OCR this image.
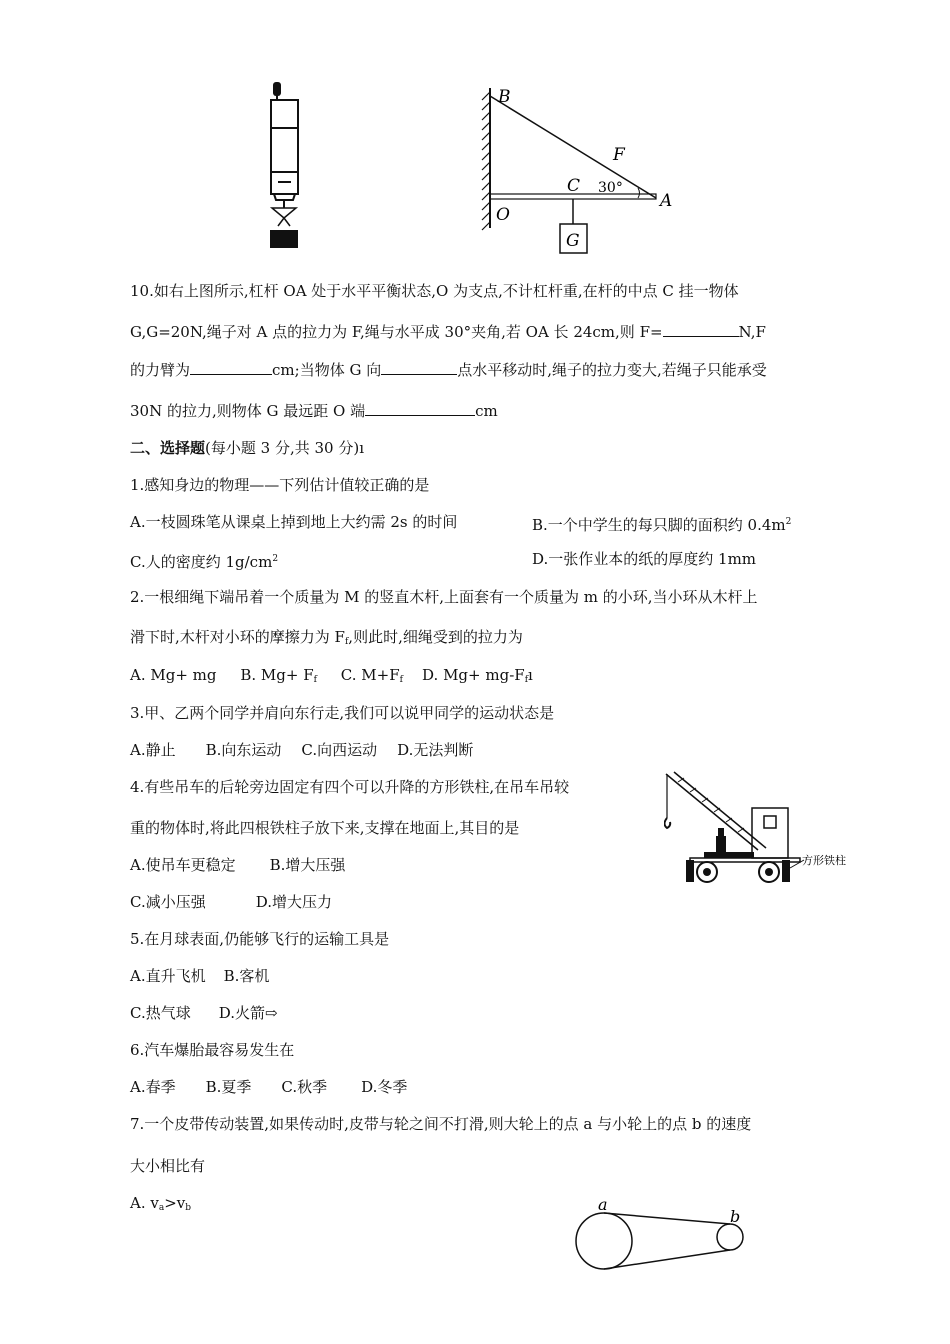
B
F
C 30°
A
O
G
10.如右上图所示,杠杆 OA 处于水平平衡状态,O 为支点,不计杠杆重,在杆的中点 C 挂一物体
G,G=20N,绳子对 A 点的拉力为 F,绳与水平成 30°夹角,若 OA 长 24cm,则 F=	N,F
的力臂为	cm;当物体 G 向	点水平移动时,绳子的拉力变大,若绳子只能承受
30N 的拉力,则物体 G 最远距 O 端	cm
二、选择题(每小题 3 分,共 30 分)ı
1.感知身边的物理——下列估计值较正确的是
A.一枝圆珠笔从课桌上掉到地上大约需 2s 的时间	B.一个中学生的每只脚的面积约 $0.4m^2$
C.人的密度约 $1g/cm^2$	D.一张作业本的纸的厚度约 1mm
2.一根细绳下端吊着一个质量为 M 的竖直木杆,上面套有一个质量为 m 的小环,当小环从木杆上
滑下时,木杆对小环的摩擦力为 $F_f$,则此时,细绳受到的拉力为
A. Mg+ mg B. $Mg+ F_f$ C. $M+F_f$ D. $Mg+ mg-F_fı$
3.甲、乙两个同学并肩向东行走,我们可以说甲同学的运动状态是
A.静止 B.向东运动 C.向西运动 D.无法判断
4.有些吊车的后轮旁边固定有四个可以升降的方形铁柱,在吊车吊较
重的物体时,将此四根铁柱子放下来,支撑在地面上,其目的是
A.使吊车更稳定 B.增大压强
C.减小压强	D.增大压力
方形铁柱
5.在月球表面,仍能够飞行的运输工具是
A.直升飞机 B.客机
C.热气球 D.火箭⇨
6.汽车爆胎最容易发生在
A.春季 B.夏季 C.秋季 D.冬季
7.一个皮带传动装置,如果传动时,皮带与轮之间不打滑,则大轮上的点 a 与小轮上的点 b 的速度
大小相比有
A. $v_a>v_b$	a
b
